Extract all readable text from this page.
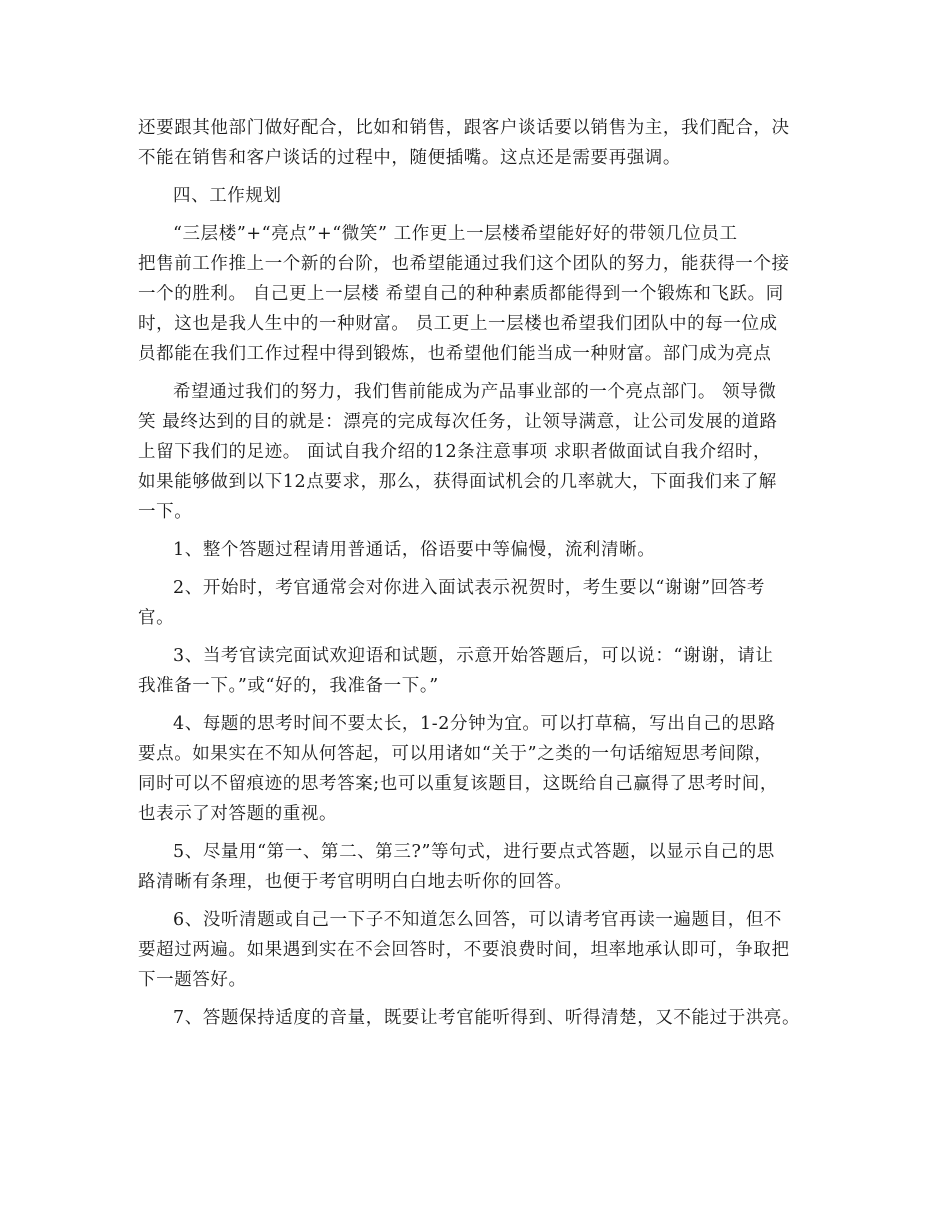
还要跟其他部门做好配合，比如和销售，跟客户谈话要以销售为主，我们配合，决
不能在销售和客户谈话的过程中，随便插嘴。这点还是需要再强调。
四、工作规划
“三层楼”+“亮点”+“微笑” 工作更上一层楼希望能好好的带领几位员工
把售前工作推上一个新的台阶，也希望能通过我们这个团队的努力，能获得一个接
一个的胜利。 自己更上一层楼 希望自己的种种素质都能得到一个锻炼和飞跃。同
时，这也是我人生中的一种财富。 员工更上一层楼也希望我们团队中的每一位成
员都能在我们工作过程中得到锻炼，也希望他们能当成一种财富。部门成为亮点
希望通过我们的努力，我们售前能成为产品事业部的一个亮点部门。 领导微
笑 最终达到的目的就是：漂亮的完成每次任务，让领导满意，让公司发展的道路
上留下我们的足迹。 面试自我介绍的12条注意事项 求职者做面试自我介绍时，
如果能够做到以下12点要求，那么，获得面试机会的几率就大，下面我们来了解
一下。
1、整个答题过程请用普通话，俗语要中等偏慢，流利清晰。
2、开始时，考官通常会对你进入面试表示祝贺时，考生要以“谢谢”回答考
官。
3、当考官读完面试欢迎语和试题，示意开始答题后，可以说：“谢谢，请让
我准备一下。”或“好的，我准备一下。”
4、每题的思考时间不要太长，1-2分钟为宜。可以打草稿，写出自己的思路
要点。如果实在不知从何答起，可以用诸如“关于”之类的一句话缩短思考间隙，
同时可以不留痕迹的思考答案;也可以重复该题目，这既给自己赢得了思考时间，
也表示了对答题的重视。
5、尽量用“第一、第二、第三?”等句式，进行要点式答题，以显示自己的思
路清晰有条理，也便于考官明明白白地去听你的回答。
6、没听清题或自己一下子不知道怎么回答，可以请考官再读一遍题目，但不
要超过两遍。如果遇到实在不会回答时，不要浪费时间，坦率地承认即可，争取把
下一题答好。
7、答题保持适度的音量，既要让考官能听得到、听得清楚，又不能过于洪亮。
